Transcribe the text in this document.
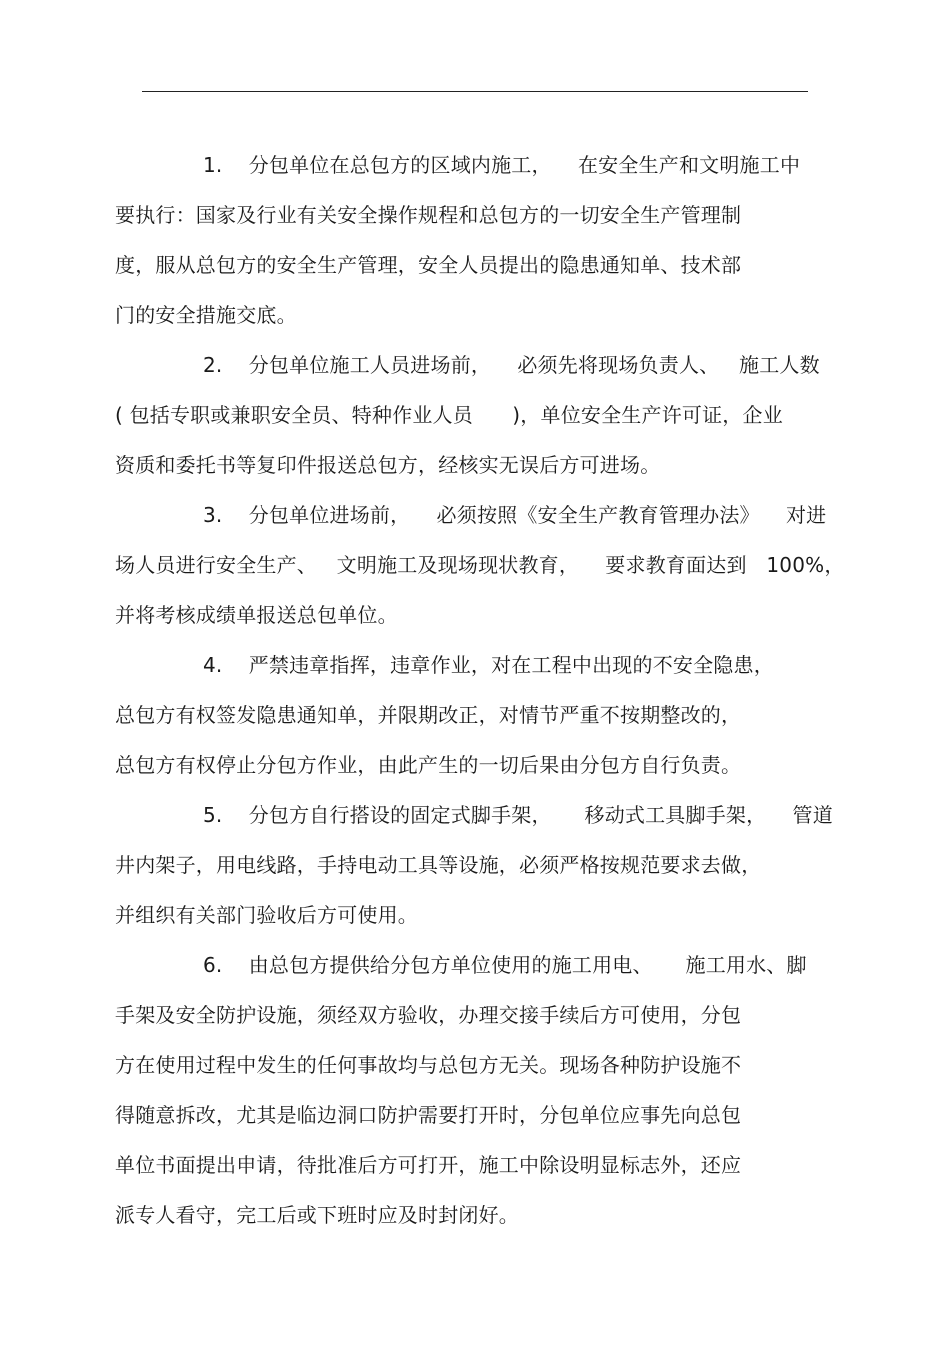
1.    分包单位在总包方的区域内施工，    在安全生产和文明施工中
要执行：国家及行业有关安全操作规程和总包方的一切安全生产管理制
度，服从总包方的安全生产管理，安全人员提出的隐患通知单、技术部
门的安全措施交底。
2.    分包单位施工人员进场前，    必须先将现场负责人、   施工人数
( 包括专职或兼职安全员、特种作业人员      )，单位安全生产许可证，企业
资质和委托书等复印件报送总包方，经核实无误后方可进场。
3.    分包单位进场前，    必须按照《安全生产教育管理办法》    对进
场人员进行安全生产、   文明施工及现场现状教育，    要求教育面达到   100%，
并将考核成绩单报送总包单位。
4.    严禁违章指挥，违章作业，对在工程中出现的不安全隐患，
总包方有权签发隐患通知单，并限期改正，对情节严重不按期整改的，
总包方有权停止分包方作业，由此产生的一切后果由分包方自行负责。
5.    分包方自行搭设的固定式脚手架，     移动式工具脚手架，    管道
井内架子，用电线路，手持电动工具等设施，必须严格按规范要求去做，
并组织有关部门验收后方可使用。
6.    由总包方提供给分包方单位使用的施工用电、     施工用水、脚
手架及安全防护设施，须经双方验收，办理交接手续后方可使用，分包
方在使用过程中发生的任何事故均与总包方无关。现场各种防护设施不
得随意拆改，尤其是临边洞口防护需要打开时，分包单位应事先向总包
单位书面提出申请，待批准后方可打开，施工中除设明显标志外，还应
派专人看守，完工后或下班时应及时封闭好。
